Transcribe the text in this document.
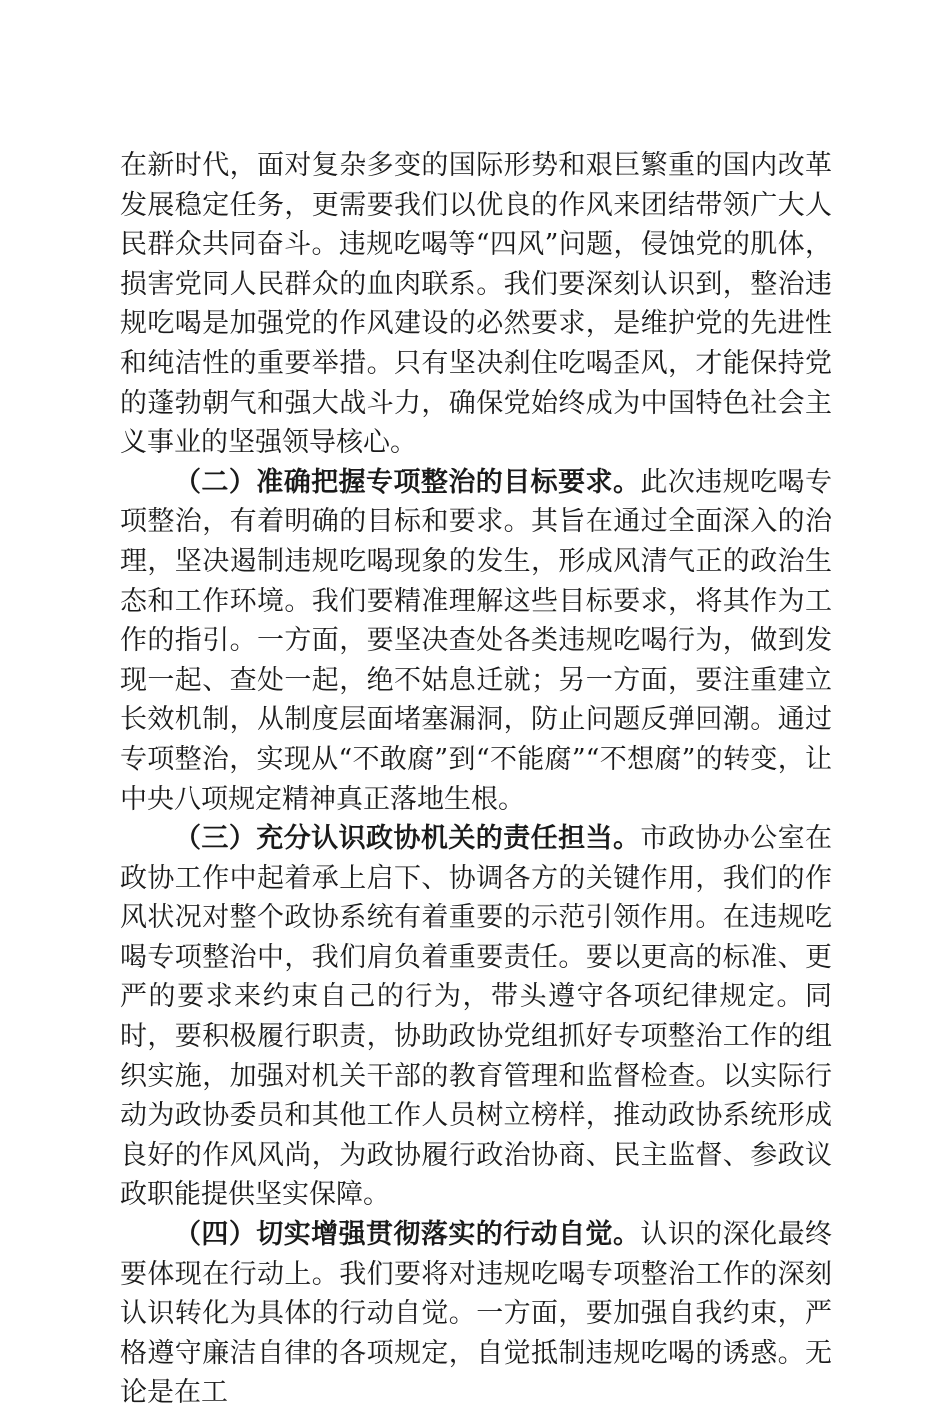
在新时代，面对复杂多变的国际形势和艰巨繁重的国内改革发展稳定任务，更需要我们以优良的作风来团结带领广大人民群众共同奋斗。违规吃喝等“四风”问题，侵蚀党的肌体，损害党同人民群众的血肉联系。我们要深刻认识到，整治违规吃喝是加强党的作风建设的必然要求，是维护党的先进性和纯洁性的重要举措。只有坚决刹住吃喝歪风，才能保持党的蓬勃朝气和强大战斗力，确保党始终成为中国特色社会主义事业的坚强领导核心。

（二）准确把握专项整治的目标要求。此次违规吃喝专项整治，有着明确的目标和要求。其旨在通过全面深入的治理，坚决遏制违规吃喝现象的发生，形成风清气正的政治生态和工作环境。我们要精准理解这些目标要求，将其作为工作的指引。一方面，要坚决查处各类违规吃喝行为，做到发现一起、查处一起，绝不姑息迁就；另一方面，要注重建立长效机制，从制度层面堵塞漏洞，防止问题反弹回潮。通过专项整治，实现从“不敢腐”到“不能腐”“不想腐”的转变，让中央八项规定精神真正落地生根。

（三）充分认识政协机关的责任担当。市政协办公室在政协工作中起着承上启下、协调各方的关键作用，我们的作风状况对整个政协系统有着重要的示范引领作用。在违规吃喝专项整治中，我们肩负着重要责任。要以更高的标准、更严的要求来约束自己的行为，带头遵守各项纪律规定。同时，要积极履行职责，协助政协党组抓好专项整治工作的组织实施，加强对机关干部的教育管理和监督检查。以实际行动为政协委员和其他工作人员树立榜样，推动政协系统形成良好的作风风尚，为政协履行政治协商、民主监督、参政议政职能提供坚实保障。

（四）切实增强贯彻落实的行动自觉。认识的深化最终要体现在行动上。我们要将对违规吃喝专项整治工作的深刻认识转化为具体的行动自觉。一方面，要加强自我约束，严格遵守廉洁自律的各项规定，自觉抵制违规吃喝的诱惑。无论是在工
